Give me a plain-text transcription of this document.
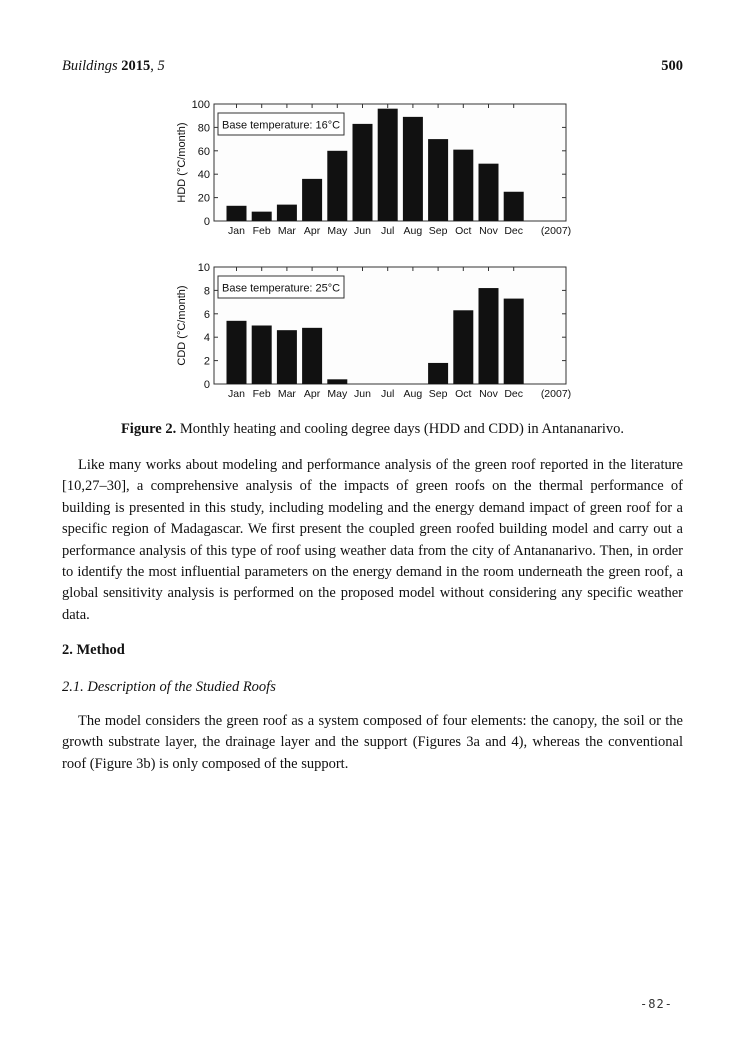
Buildings 2015, 5	500
0
20
40
60
80
100
Jan Feb Mar Apr May Jun Jul Aug Sep Oct Nov Dec (2007)
Base temperature: 16°C
HDD (°C/month)
0
2
4
6
8
10
Jan Feb Mar Apr May Jun Jul Aug Sep Oct Nov Dec (2007)
Base temperature: 25°C
CDD (°C/month)
Figure 2. Monthly heating and cooling degree days (HDD and CDD) in Antananarivo.

Like many works about modeling and performance analysis of the green roof reported in the literature [10,27–30], a comprehensive analysis of the impacts of green roofs on the thermal performance of building is presented in this study, including modeling and the energy demand impact of green roof for a specific region of Madagascar. We first present the coupled green roofed building model and carry out a performance analysis of this type of roof using weather data from the city of Antananarivo. Then, in order to identify the most influential parameters on the energy demand in the room underneath the green roof, a global sensitivity analysis is performed on the proposed model without considering any specific weather data.

2. Method

2.1. Description of the Studied Roofs

The model considers the green roof as a system composed of four elements: the canopy, the soil or the growth substrate layer, the drainage layer and the support (Figures 3a and 4), whereas the conventional roof (Figure 3b) is only composed of the support.

-82-
